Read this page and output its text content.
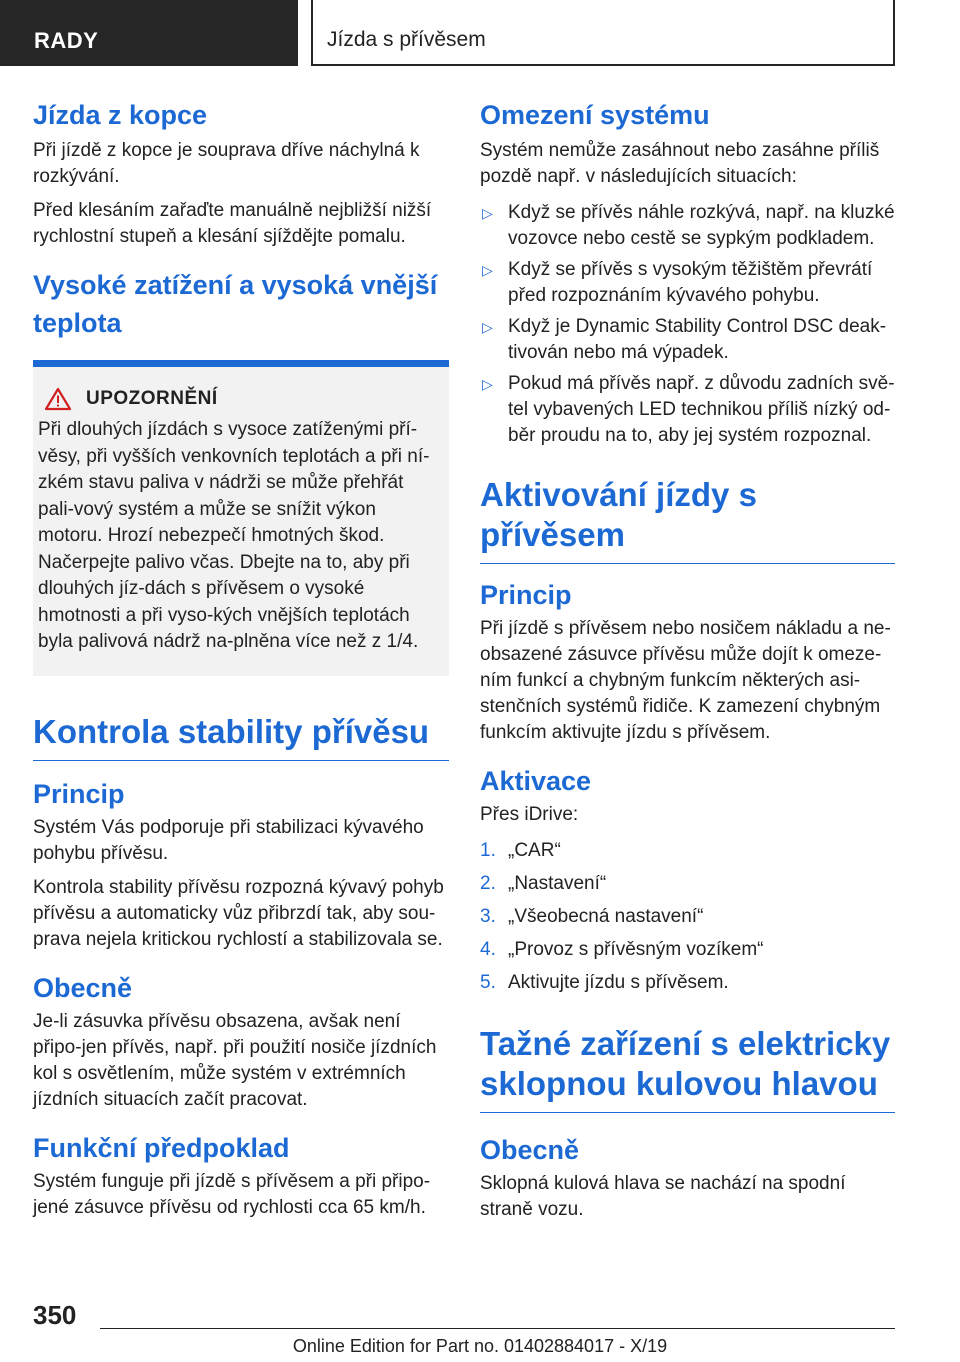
RADY	Jízda s přívěsem
Jízda z kopce

Při jízdě z kopce je souprava dříve náchylná k rozkývání.

Před klesáním zařaďte manuálně nejbližší nižší rychlostní stupeň a klesání sjíždějte pomalu.

Vysoké zatížení a vysoká vnější teplota
UPOZORNĚNÍ

Při dlouhých jízdách s vysoce zatíženými pří-věsy, při vyšších venkovních teplotách a při ní-zkém stavu paliva v nádrži se může přehřát pali-vový systém a může se snížit výkon motoru. Hrozí nebezpečí hmotných škod. Načerpejte palivo včas. Dbejte na to, aby při dlouhých jíz-dách s přívěsem o vysoké hmotnosti a při vyso-kých vnějších teplotách byla palivová nádrž na-plněna více než z 1/4.

Kontrola stability přívěsu
Princip

Systém Vás podporuje při stabilizaci kývavého pohybu přívěsu.

Kontrola stability přívěsu rozpozná kývavý pohyb přívěsu a automaticky vůz přibrzdí tak, aby sou-prava nejela kritickou rychlostí a stabilizovala se.

Obecně

Je-li zásuvka přívěsu obsazena, avšak není připo-jen přívěs, např. při použití nosiče jízdních kol s osvětlením, může systém v extrémních jízdních situacích začít pracovat.

Funkční předpoklad

Systém funguje při jízdě s přívěsem a při připo-jené zásuvce přívěsu od rychlosti cca 65 km/h.

Omezení systému

Systém nemůže zasáhnout nebo zasáhne příliš pozdě např. v následujících situacích:

▷ Když se přívěs náhle rozkývá, např. na kluzké vozovce nebo cestě se sypkým podkladem.
▷ Když se přívěs s vysokým těžištěm převrátí před rozpoznáním kývavého pohybu.
▷ Když je Dynamic Stability Control DSC deak-tivován nebo má výpadek.
▷ Pokud má přívěs např. z důvodu zadních svě-tel vybavených LED technikou příliš nízký od-běr proudu na to, aby jej systém rozpoznal.
Aktivování jízdy s přívěsem
Princip

Při jízdě s přívěsem nebo nosičem nákladu a ne-obsazené zásuvce přívěsu může dojít k omeze-ním funkcí a chybným funkcím některých asi-stenčních systémů řidiče. K zamezení chybným funkcím aktivujte jízdu s přívěsem.

Aktivace

Přes iDrive:

1. „CAR“
2. „Nastavení“
3. „Všeobecná nastavení“
4. „Provoz s přívěsným vozíkem“
5. Aktivujte jízdu s přívěsem.
Tažné zařízení s elektricky sklopnou kulovou hlavou
Obecně

Sklopná kulová hlava se nachází na spodní straně vozu.

350
Online Edition for Part no. 01402884017 - X/19
